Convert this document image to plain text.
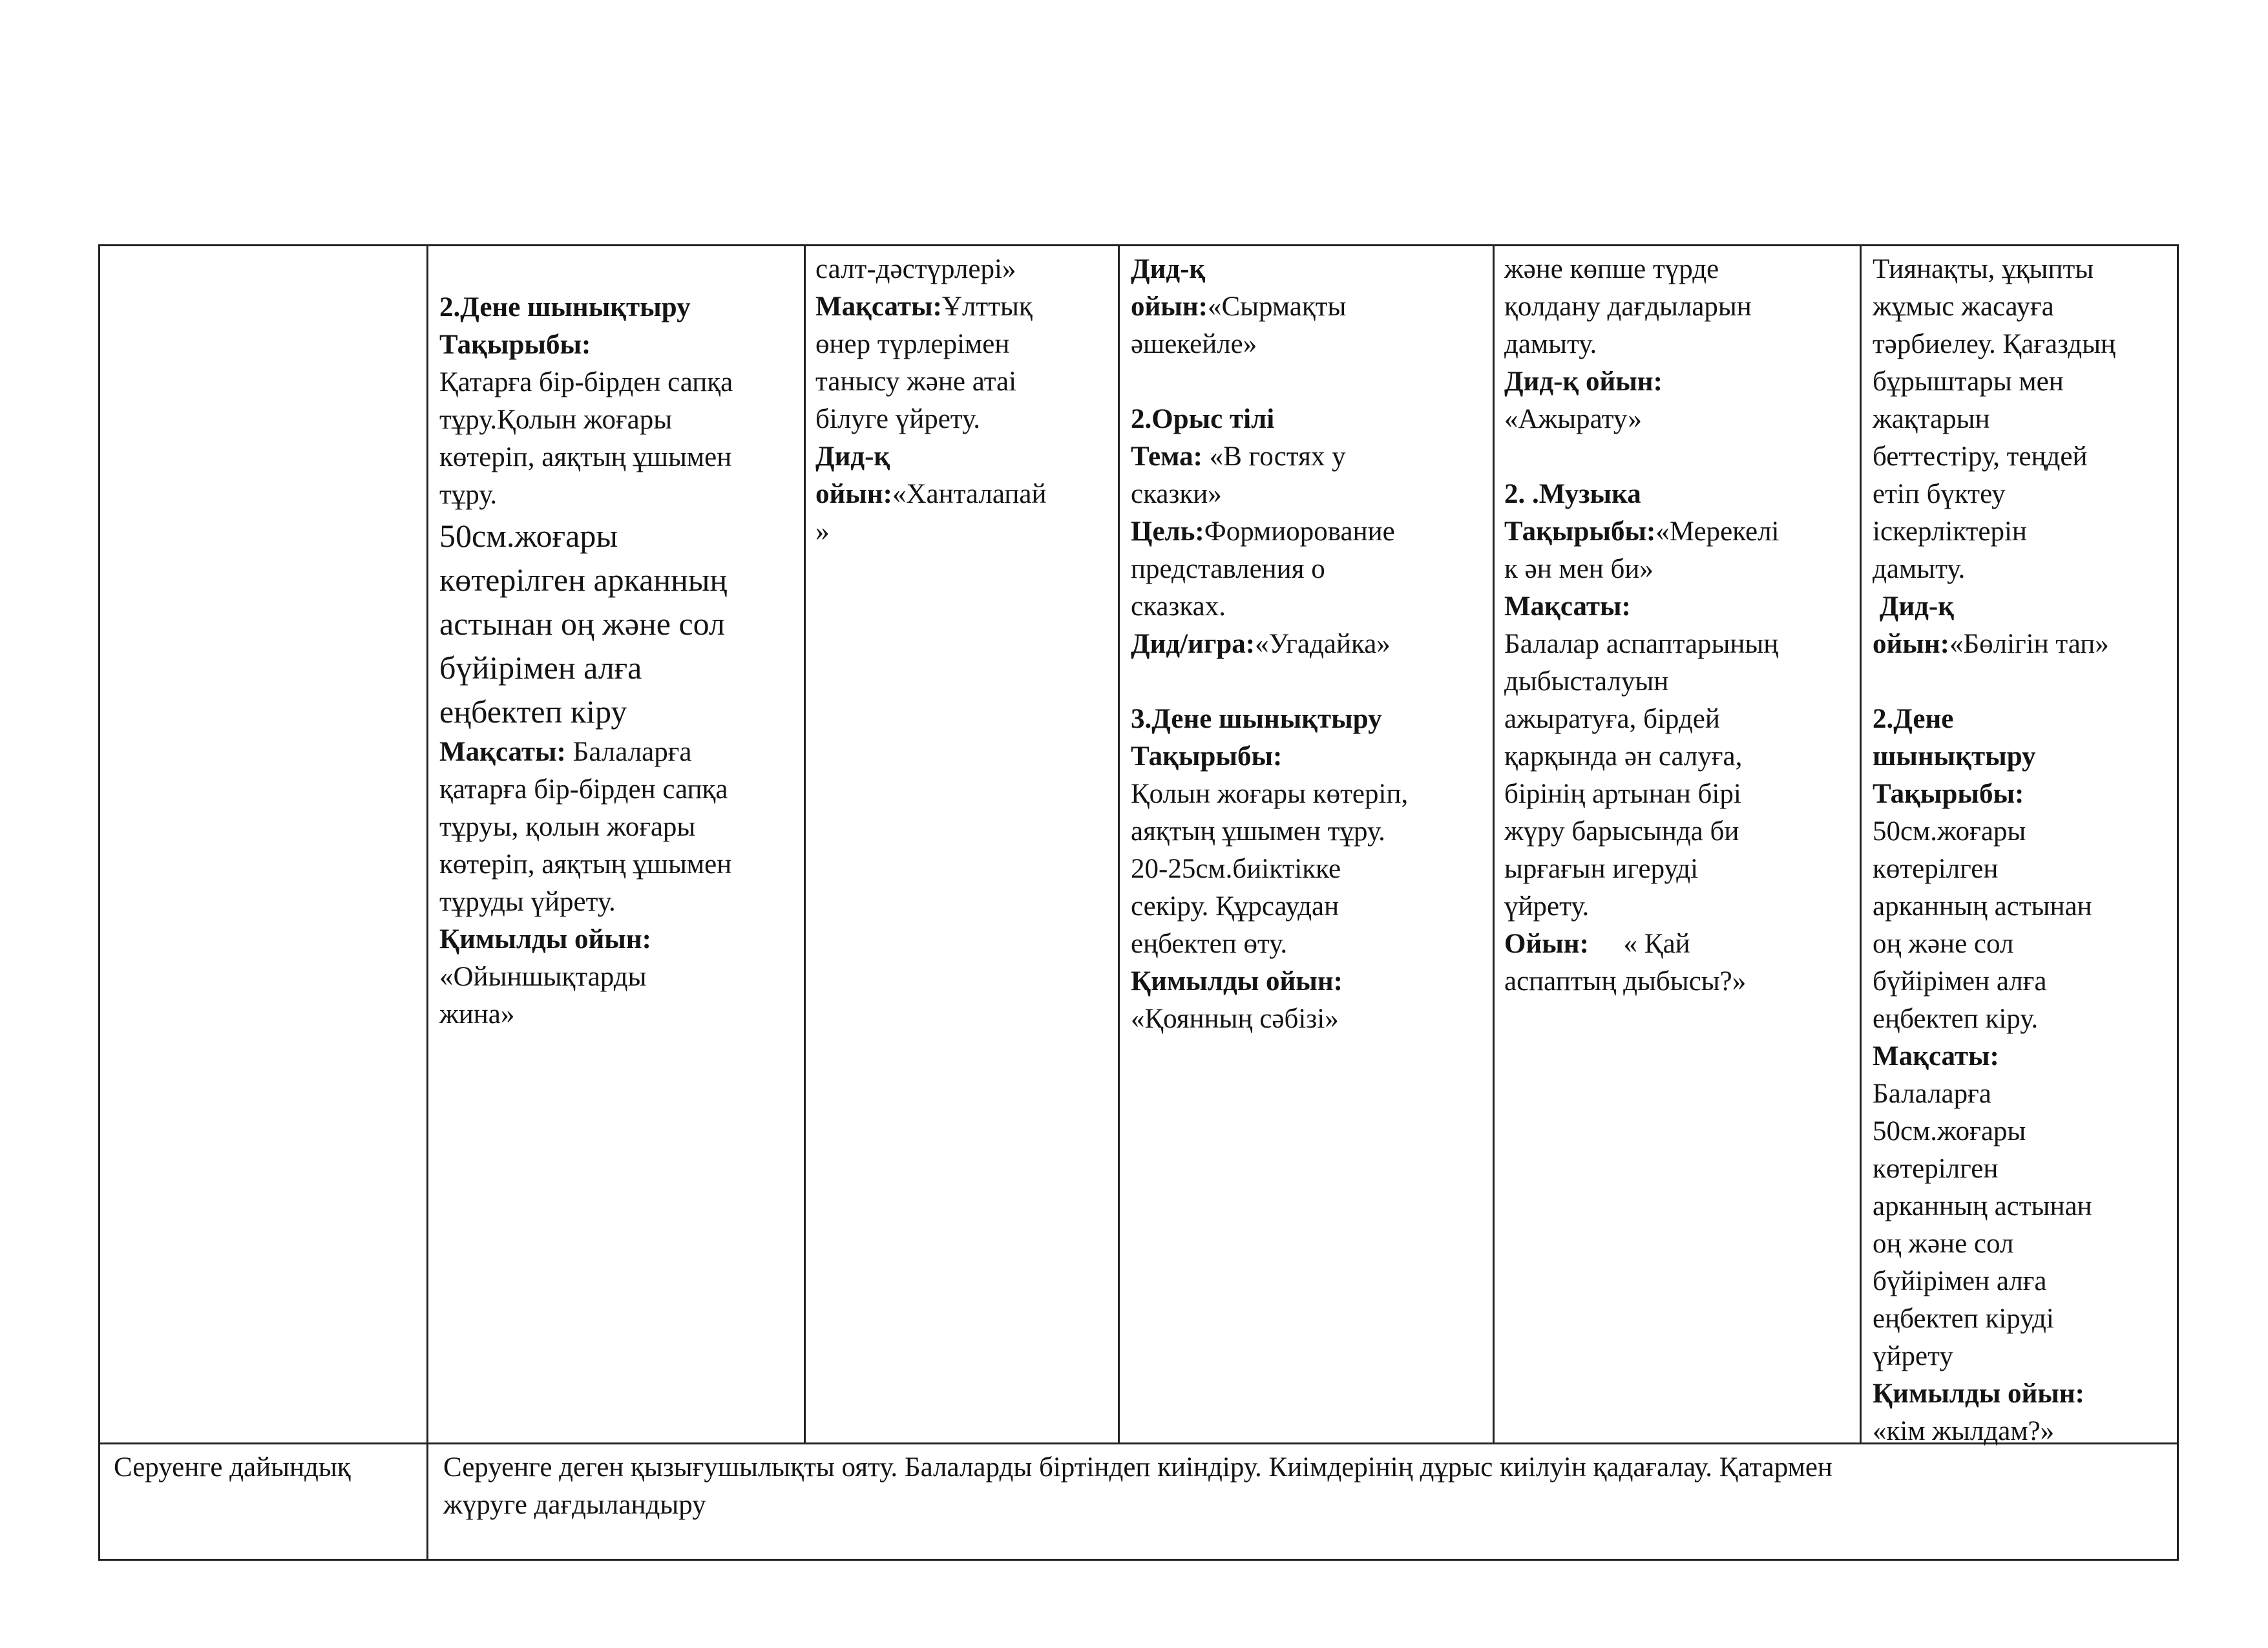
2.Дене шынықтыру
Тақырыбы:
Қатарға бір-бірден сапқа
тұру.Қолын жоғары
көтеріп, аяқтың ұшымен
тұру.
50см.жоғары
көтерілген арканның
астынан оң және сол
бүйірімен алға
еңбектеп кіру
Мақсаты: Балаларға
қатарға бір-бірден сапқа
тұруы, қолын жоғары
көтеріп, аяқтың ұшымен
тұруды үйрету.
Қимылды ойын:
«Ойыншықтарды
жина»
салт-дәстүрлері»
Мақсаты:Ұлттық
өнер түрлерімен
танысу және атаі
білуге үйрету.
Дид-қ
ойын:«Ханталапай
»
Дид-қ
ойын:«Сырмақты
әшекейле»
2.Орыс тілі
Тема: «В гостях у
сказки»
Цель:Формиорование
представления о
сказках.
Дид/игра:«Угадайка»
3.Дене шынықтыру
Тақырыбы:
Қолын жоғары көтеріп,
аяқтың ұшымен тұру.
20-25см.биіктікке
секіру. Құрсаудан
еңбектеп өту.
Қимылды ойын:
«Қоянның сәбізі»
және көпше түрде
қолдану дағдыларын
дамыту.
Дид-қ ойын:
«Ажырату»
2. .Музыка
Тақырыбы:«Мерекелі
к ән мен би»
Мақсаты:
Балалар аспаптарының
дыбысталуын
ажыратуға, бірдей
қарқында ән салуға,
бірінің артынан бірі
жүру барысында би
ырғағын игеруді
үйрету.
Ойын:     « Қай
аспаптың дыбысы?»
Тиянақты, ұқыпты
жұмыс жасауға
тәрбиелеу. Қағаздың
бұрыштары мен
жақтарын
беттестіру, теңдей
етіп бүктеу
іскерліктерін
дамыту.
Дид-қ
ойын:«Бөлігін тап»
2.Дене
шынықтыру
Тақырыбы:
50см.жоғары
көтерілген
арканның астынан
оң және сол
бүйірімен алға
еңбектеп кіру.
Мақсаты:
Балаларға
50см.жоғары
көтерілген
арканның астынан
оң және сол
бүйірімен алға
еңбектеп кіруді
үйрету
Қимылды ойын:
«кім жылдам?»
Серуенге дайындық	Серуенге деген қызығушылықты ояту. Балаларды біртіндеп киіндіру. Киімдерінің дұрыс киілуін қадағалау. Қатармен
жүруге дағдыландыру
